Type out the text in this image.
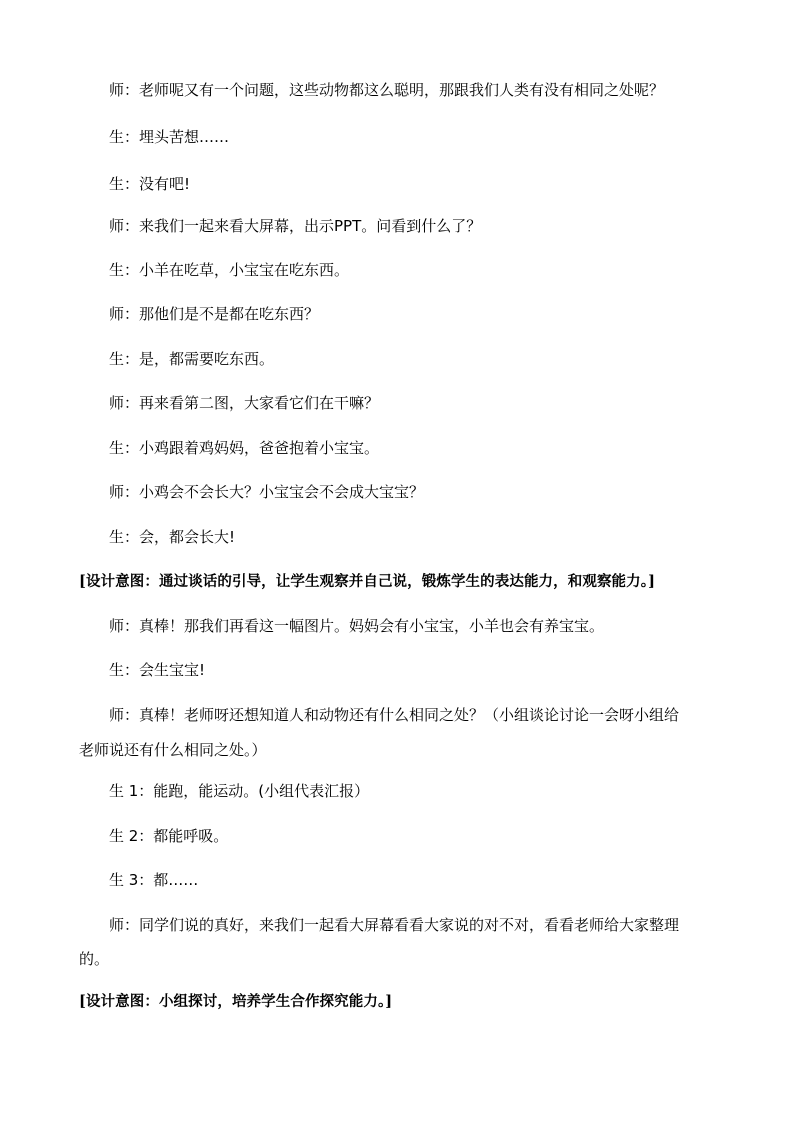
师：老师呢又有一个问题，这些动物都这么聪明，那跟我们人类有没有相同之处呢？
生：埋头苦想……
生：没有吧!
师：来我们一起来看大屏幕，出示PPT。问看到什么了？
生：小羊在吃草，小宝宝在吃东西。
师：那他们是不是都在吃东西？
生：是，都需要吃东西。
师：再来看第二图，大家看它们在干嘛？
生：小鸡跟着鸡妈妈，爸爸抱着小宝宝。
师：小鸡会不会长大？小宝宝会不会成大宝宝？
生：会，都会长大!
[设计意图：通过谈话的引导，让学生观察并自己说，锻炼学生的表达能力，和观察能力。]
师：真棒！那我们再看这一幅图片。妈妈会有小宝宝，小羊也会有养宝宝。
生：会生宝宝!
师：真棒！老师呀还想知道人和动物还有什么相同之处？（小组谈论讨论一会呀小组给
老师说还有什么相同之处。）
生 1：能跑，能运动。(小组代表汇报）
生 2：都能呼吸。
生 3：都……
师：同学们说的真好，来我们一起看大屏幕看看大家说的对不对，看看老师给大家整理
的。
[设计意图：小组探讨，培养学生合作探究能力。]
